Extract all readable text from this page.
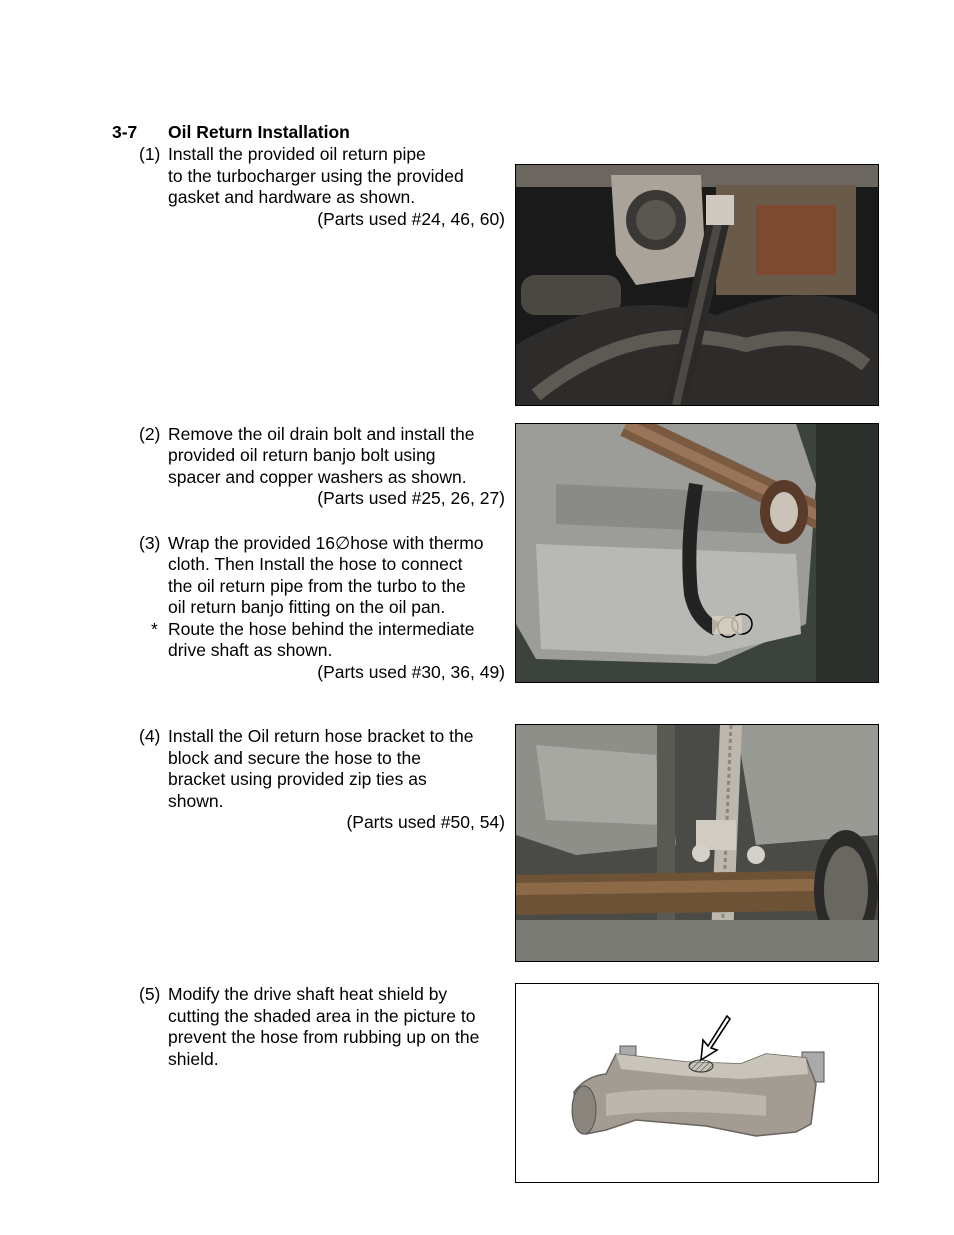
3-7 Oil Return Installation
(1) Install the provided oil return pipe
to the turbocharger using the provided
gasket and hardware as shown.
(Parts used #24, 46, 60)
(2) Remove the oil drain bolt and install the
provided oil return banjo bolt using
spacer and copper washers as shown.
(Parts used #25, 26, 27)
(3) Wrap the provided 16∅hose with thermo
cloth. Then Install the hose to connect
the oil return pipe from the turbo to the
oil return banjo fitting on the oil pan.
* Route the hose behind the intermediate
drive shaft as shown.
(Parts used #30, 36, 49)
(4) Install the Oil return hose bracket to the
block and secure the hose to the
bracket using provided zip ties as
shown.
(Parts used #50, 54)
(5) Modify the drive shaft heat shield by
cutting the shaded area in the picture to
prevent the hose from rubbing up on the
shield.
